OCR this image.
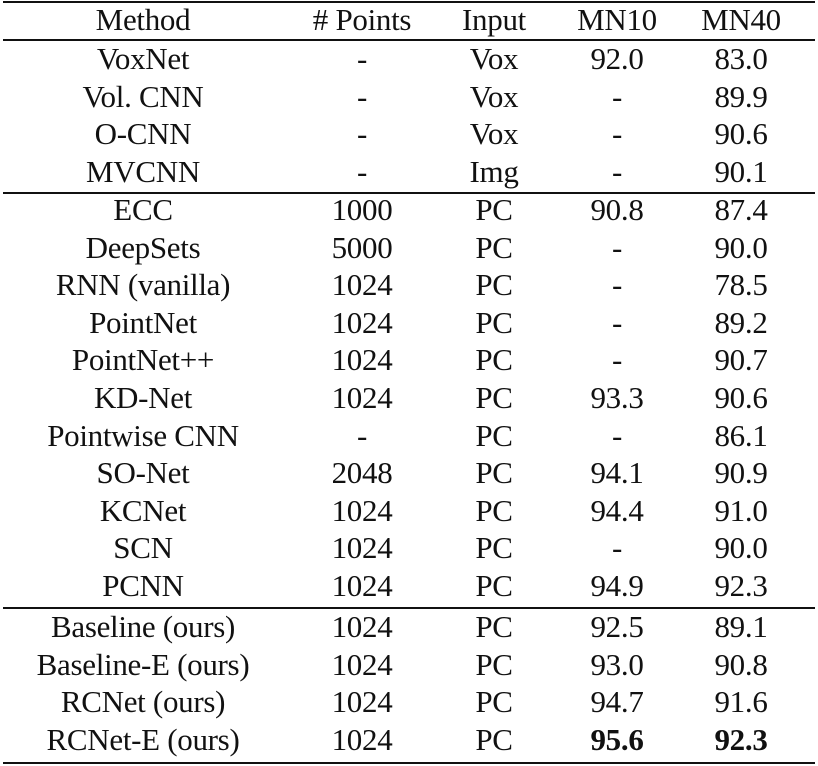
Method	# Points Input MN10 MN40
VoxNet	-	Vox 92.0 83.0
Vol. CNN	-	Vox	-	89.9
O-CNN	-	Vox	-	90.6
MVCNN	-	Img	-	90.1
ECC	1000	PC	90.8 87.4
DeepSets	5000	PC	-	90.0
RNN (vanilla)	1024	PC	-	78.5
PointNet	1024	PC	-	89.2
PointNet++	1024	PC	-	90.7
KD-Net	1024	PC	93.3 90.6
Pointwise CNN	-	PC	-	86.1
SO-Net	2048	PC	94.1 90.9
KCNet	1024	PC	94.4 91.0
SCN	1024	PC	-	90.0
PCNN	1024	PC	94.9 92.3
Baseline (ours)	1024	PC	92.5 89.1
Baseline-E (ours)	1024	PC	93.0 90.8
RCNet (ours)	1024	PC	94.7 91.6
RCNet-E (ours)	1024	PC	95.6 92.3
